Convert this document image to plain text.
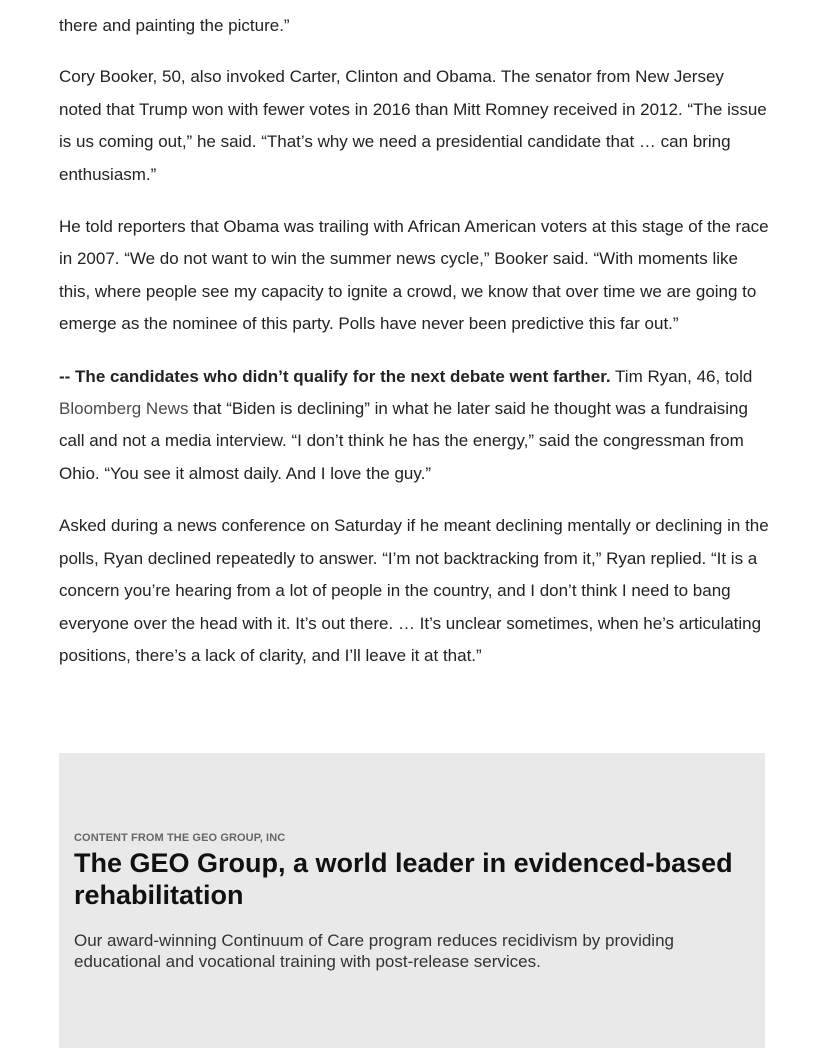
there and painting the picture.”

Cory Booker, 50, also invoked Carter, Clinton and Obama. The senator from New Jersey noted that Trump won with fewer votes in 2016 than Mitt Romney received in 2012. “The issue is us coming out,” he said. “That’s why we need a presidential candidate that … can bring enthusiasm.”

He told reporters that Obama was trailing with African American voters at this stage of the race in 2007. “We do not want to win the summer news cycle,” Booker said. “With moments like this, where people see my capacity to ignite a crowd, we know that over time we are going to emerge as the nominee of this party. Polls have never been predictive this far out.”

-- The candidates who didn’t qualify for the next debate went farther. Tim Ryan, 46, told Bloomberg News that “Biden is declining” in what he later said he thought was a fundraising call and not a media interview. “I don’t think he has the energy,” said the congressman from Ohio. “You see it almost daily. And I love the guy.”

Asked during a news conference on Saturday if he meant declining mentally or declining in the polls, Ryan declined repeatedly to answer. “I’m not backtracking from it,” Ryan replied. “It is a concern you’re hearing from a lot of people in the country, and I don’t think I need to bang everyone over the head with it. It’s out there. … It’s unclear sometimes, when he’s articulating positions, there’s a lack of clarity, and I’ll leave it at that.”

CONTENT FROM THE GEO GROUP, INC
The GEO Group, a world leader in evidenced-based rehabilitation

Our award-winning Continuum of Care program reduces recidivism by providing educational and vocational training with post-release services.
